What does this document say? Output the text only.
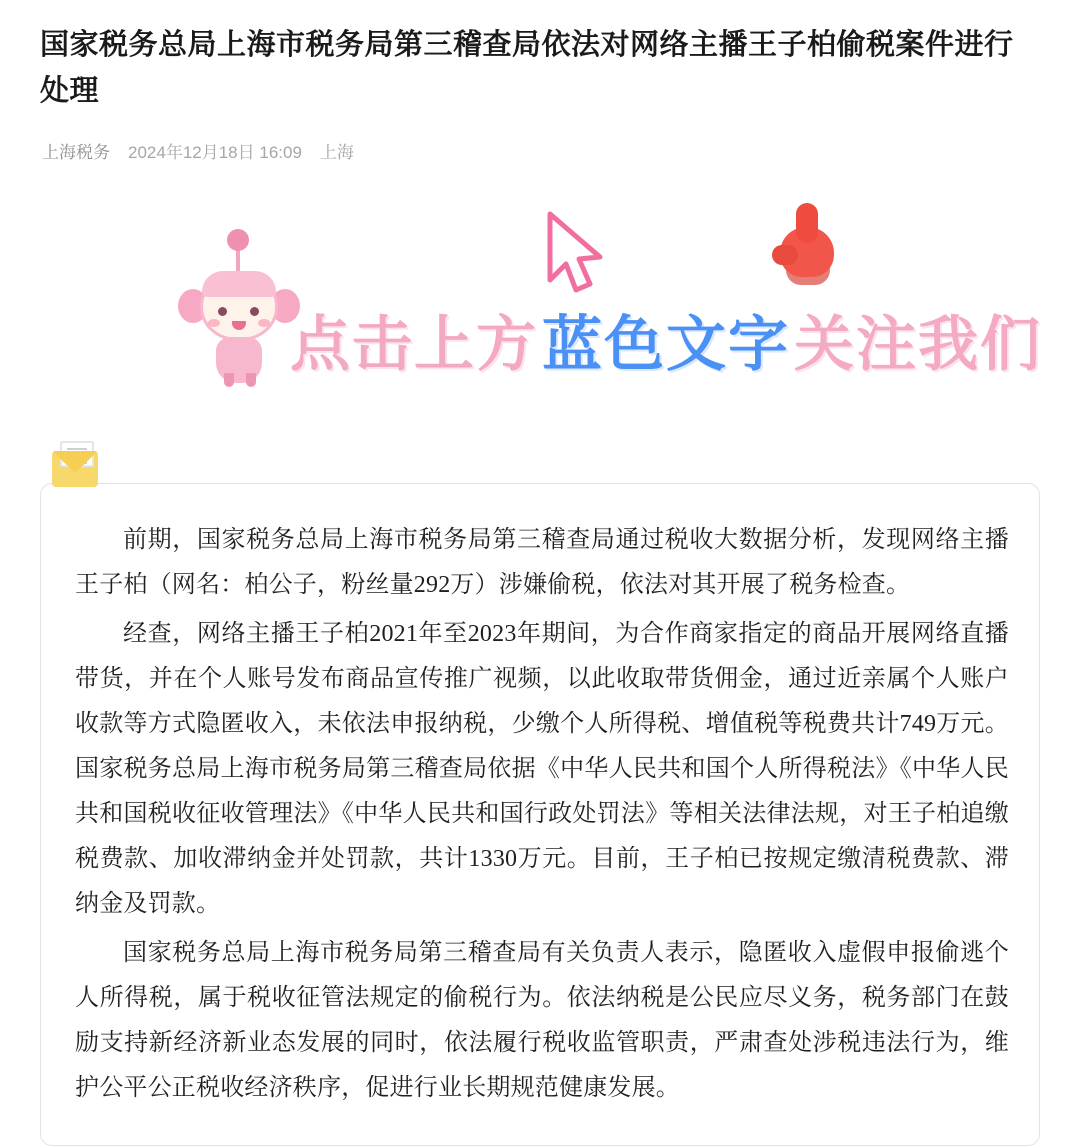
国家税务总局上海市税务局第三稽查局依法对网络主播王子柏偷税案件进行处理
上海税务 2024年12月18日 16:09 上海
点击上方 蓝色文字 关注我们

前期，国家税务总局上海市税务局第三稽查局通过税收大数据分析，发现网络主播王子柏（网名：柏公子，粉丝量292万）涉嫌偷税，依法对其开展了税务检查。

经查，网络主播王子柏2021年至2023年期间，为合作商家指定的商品开展网络直播带货，并在个人账号发布商品宣传推广视频，以此收取带货佣金，通过近亲属个人账户收款等方式隐匿收入，未依法申报纳税，少缴个人所得税、增值税等税费共计749万元。国家税务总局上海市税务局第三稽查局依据《中华人民共和国个人所得税法》《中华人民共和国税收征收管理法》《中华人民共和国行政处罚法》等相关法律法规，对王子柏追缴税费款、加收滞纳金并处罚款，共计1330万元。目前，王子柏已按规定缴清税费款、滞纳金及罚款。

国家税务总局上海市税务局第三稽查局有关负责人表示，隐匿收入虚假申报偷逃个人所得税，属于税收征管法规定的偷税行为。依法纳税是公民应尽义务，税务部门在鼓励支持新经济新业态发展的同时，依法履行税收监管职责，严肃查处涉税违法行为，维护公平公正税收经济秩序，促进行业长期规范健康发展。
